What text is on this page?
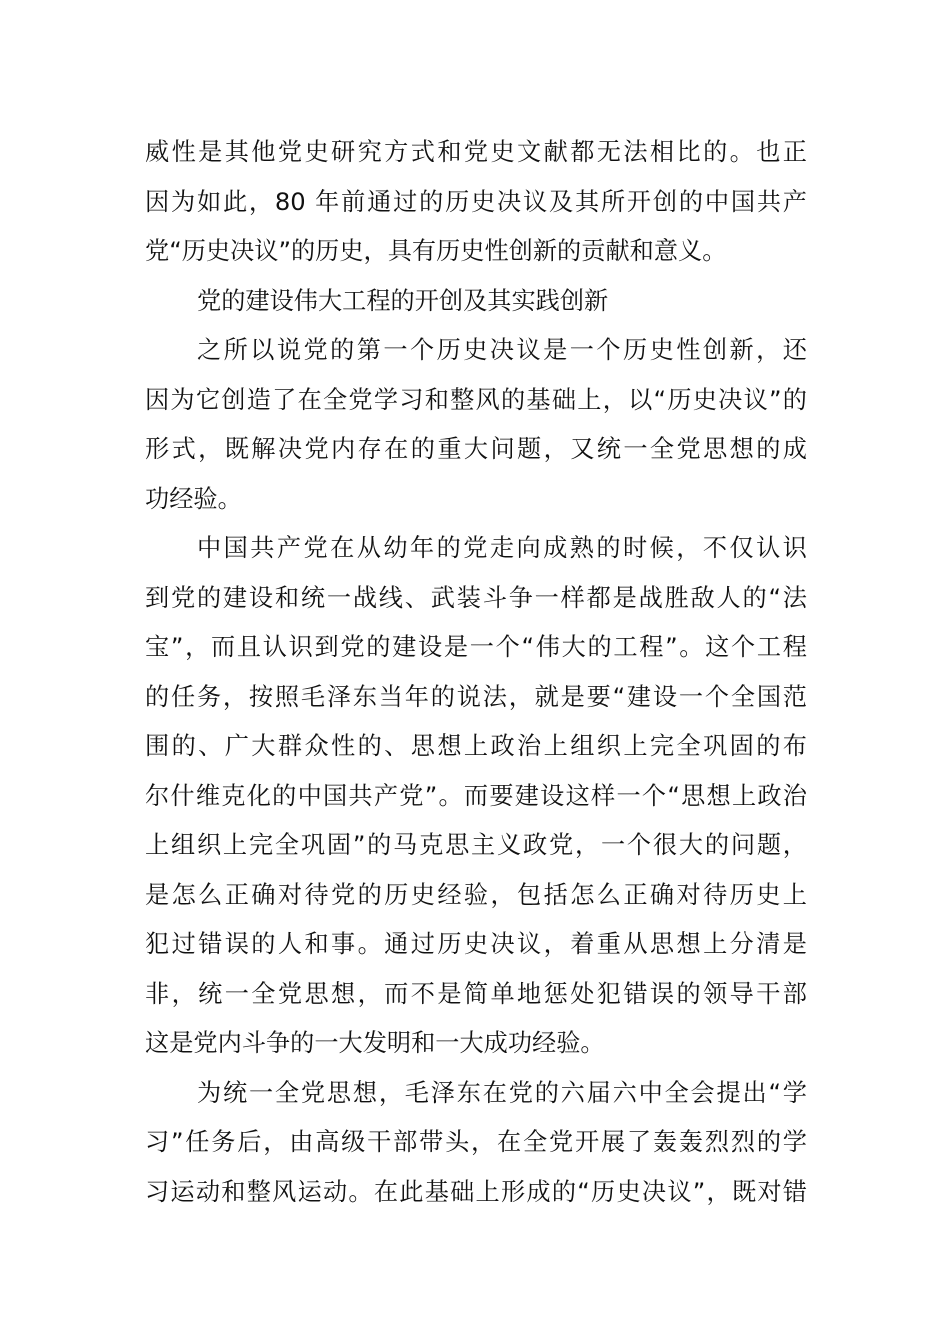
威性是其他党史研究方式和党史文献都无法相比的。也正
因为如此，80 年前通过的历史决议及其所开创的中国共产
党“历史决议”的历史，具有历史性创新的贡献和意义。
党的建设伟大工程的开创及其实践创新
之所以说党的第一个历史决议是一个历史性创新，还
因为它创造了在全党学习和整风的基础上，以“历史决议”的
形式，既解决党内存在的重大问题，又统一全党思想的成
功经验。
中国共产党在从幼年的党走向成熟的时候，不仅认识
到党的建设和统一战线、武装斗争一样都是战胜敌人的“法
宝”，而且认识到党的建设是一个“伟大的工程”。这个工程
的任务，按照毛泽东当年的说法，就是要“建设一个全国范
围的、广大群众性的、思想上政治上组织上完全巩固的布
尔什维克化的中国共产党”。而要建设这样一个“思想上政治
上组织上完全巩固”的马克思主义政党，一个很大的问题，
是怎么正确对待党的历史经验，包括怎么正确对待历史上
犯过错误的人和事。通过历史决议，着重从思想上分清是
非，统一全党思想，而不是简单地惩处犯错误的领导干部
这是党内斗争的一大发明和一大成功经验。
为统一全党思想，毛泽东在党的六届六中全会提出“学
习”任务后，由高级干部带头，在全党开展了轰轰烈烈的学
习运动和整风运动。在此基础上形成的“历史决议”，既对错
